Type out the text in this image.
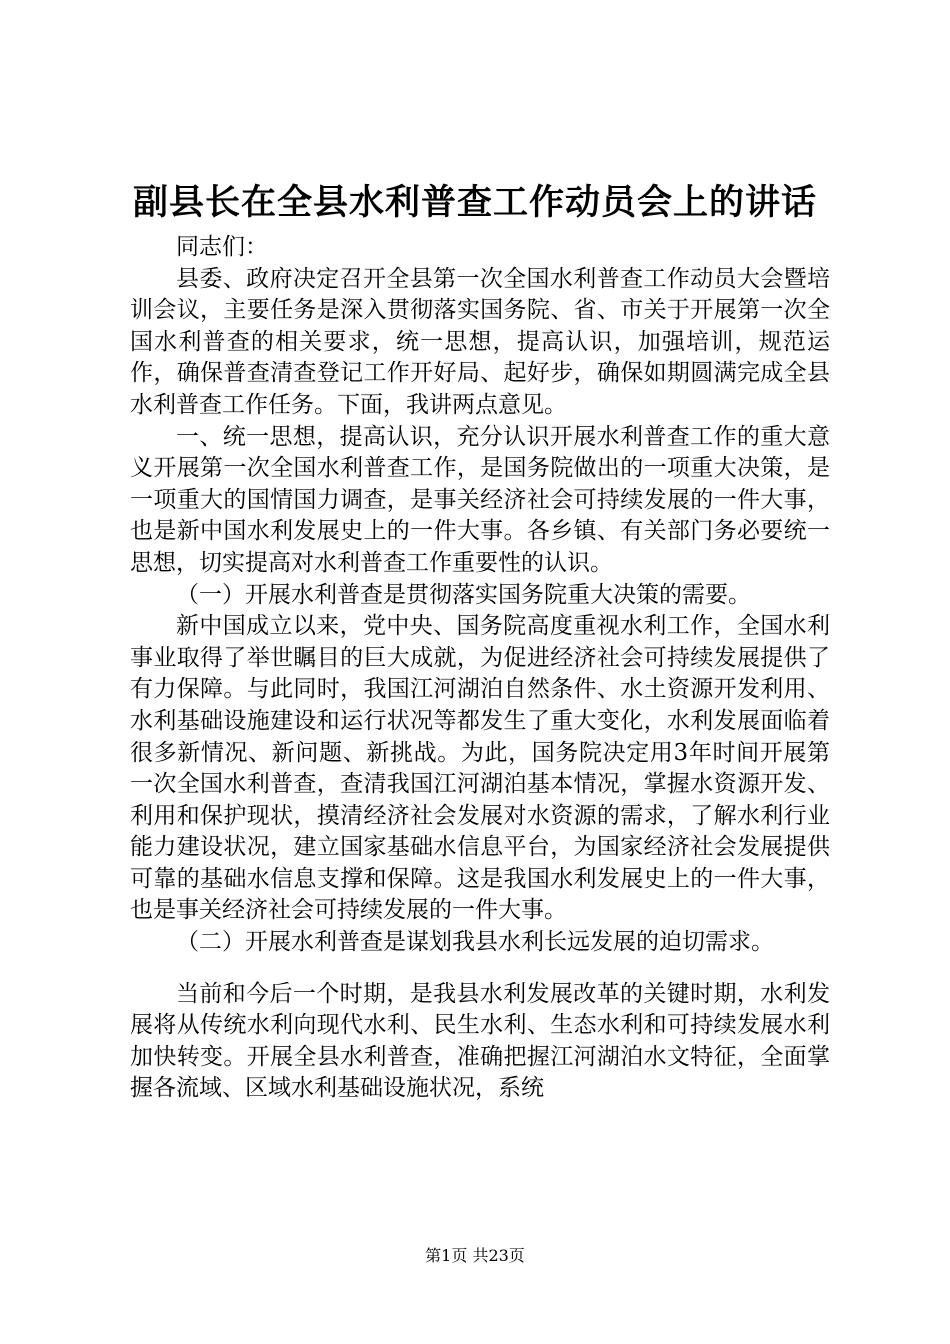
副县长在全县水利普查工作动员会上的讲话

同志们：

县委、政府决定召开全县第一次全国水利普查工作动员大会暨培训会议，主要任务是深入贯彻落实国务院、省、市关于开展第一次全国水利普查的相关要求，统一思想，提高认识，加强培训，规范运作，确保普查清查登记工作开好局、起好步，确保如期圆满完成全县水利普查工作任务。下面，我讲两点意见。

一、统一思想，提高认识，充分认识开展水利普查工作的重大意义开展第一次全国水利普查工作，是国务院做出的一项重大决策，是一项重大的国情国力调查，是事关经济社会可持续发展的一件大事，也是新中国水利发展史上的一件大事。各乡镇、有关部门务必要统一思想，切实提高对水利普查工作重要性的认识。

（一）开展水利普查是贯彻落实国务院重大决策的需要。

新中国成立以来，党中央、国务院高度重视水利工作，全国水利事业取得了举世瞩目的巨大成就，为促进经济社会可持续发展提供了有力保障。与此同时，我国江河湖泊自然条件、水土资源开发利用、水利基础设施建设和运行状况等都发生了重大变化，水利发展面临着很多新情况、新问题、新挑战。为此，国务院决定用3年时间开展第一次全国水利普查，查清我国江河湖泊基本情况，掌握水资源开发、利用和保护现状，摸清经济社会发展对水资源的需求，了解水利行业能力建设状况，建立国家基础水信息平台，为国家经济社会发展提供可靠的基础水信息支撑和保障。这是我国水利发展史上的一件大事，也是事关经济社会可持续发展的一件大事。

（二）开展水利普查是谋划我县水利长远发展的迫切需求。

当前和今后一个时期，是我县水利发展改革的关键时期，水利发展将从传统水利向现代水利、民生水利、生态水利和可持续发展水利加快转变。开展全县水利普查，准确把握江河湖泊水文特征，全面掌握各流域、区域水利基础设施状况，系统

第1页 共23页
